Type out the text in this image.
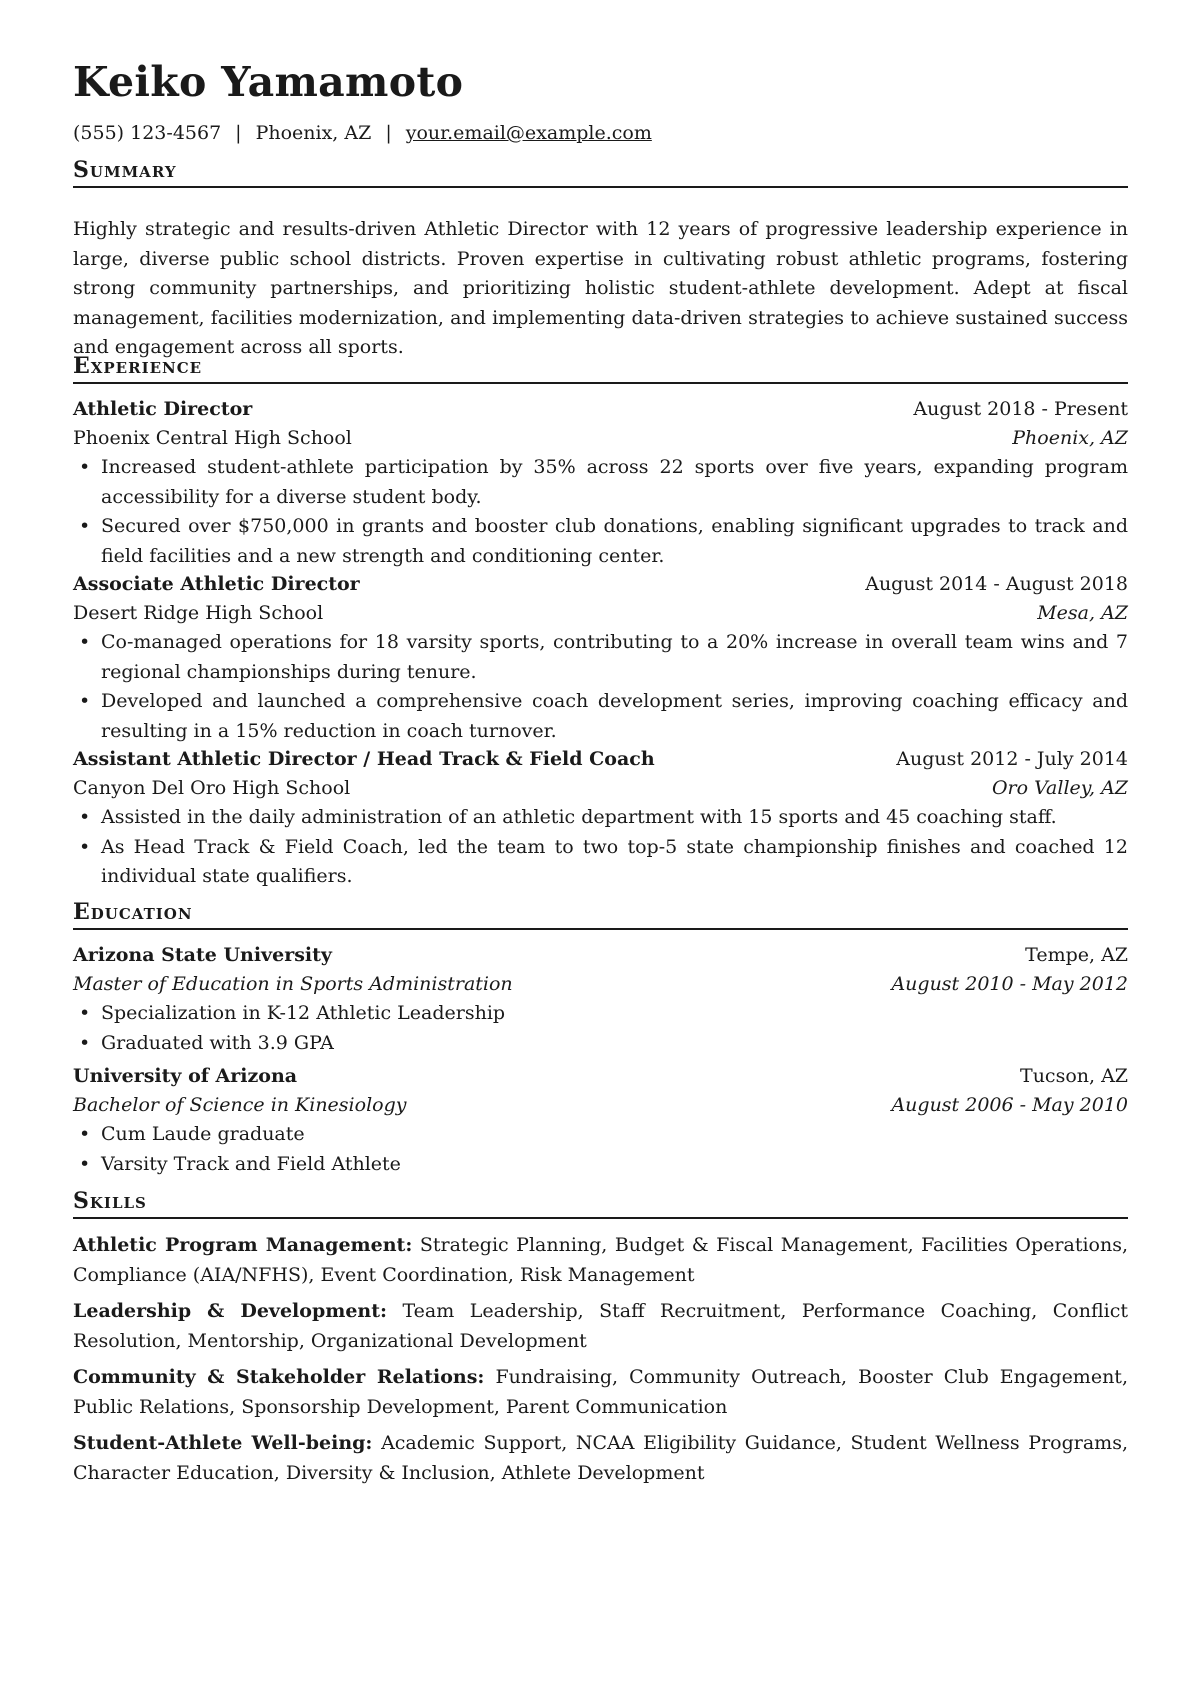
Keiko Yamamoto
(555) 123-4567 | Phoenix, AZ | your.email@example.com
Summary
Highly strategic and results-driven Athletic Director with 12 years of progressive leadership experience in large, diverse public school districts. Proven expertise in cultivating robust athletic programs, fostering strong community partnerships, and prioritizing holistic student-athlete development. Adept at fiscal management, facilities modernization, and implementing data-driven strategies to achieve sustained success and engagement across all sports.
Experience
Athletic Director	August 2018 - Present
Phoenix Central High School	Phoenix, AZ
• Increased student-athlete participation by 35% across 22 sports over five years, expanding program accessibility for a diverse student body.
• Secured over $750,000 in grants and booster club donations, enabling significant upgrades to track and field facilities and a new strength and conditioning center.
Associate Athletic Director	August 2014 - August 2018
Desert Ridge High School	Mesa, AZ
• Co-managed operations for 18 varsity sports, contributing to a 20% increase in overall team wins and 7 regional championships during tenure.
• Developed and launched a comprehensive coach development series, improving coaching efficacy and resulting in a 15% reduction in coach turnover.
Assistant Athletic Director / Head Track & Field Coach	August 2012 - July 2014
Canyon Del Oro High School	Oro Valley, AZ
• Assisted in the daily administration of an athletic department with 15 sports and 45 coaching staff.
• As Head Track & Field Coach, led the team to two top-5 state championship finishes and coached 12 individual state qualifiers.
Education
Arizona State University	Tempe, AZ
Master of Education in Sports Administration	August 2010 - May 2012
• Specialization in K-12 Athletic Leadership
• Graduated with 3.9 GPA
University of Arizona	Tucson, AZ
Bachelor of Science in Kinesiology	August 2006 - May 2010
• Cum Laude graduate
• Varsity Track and Field Athlete
Skills
Athletic Program Management: Strategic Planning, Budget & Fiscal Management, Facilities Operations, Compliance (AIA/NFHS), Event Coordination, Risk Management
Leadership & Development: Team Leadership, Staff Recruitment, Performance Coaching, Conflict Resolution, Mentorship, Organizational Development
Community & Stakeholder Relations: Fundraising, Community Outreach, Booster Club Engagement, Public Relations, Sponsorship Development, Parent Communication
Student-Athlete Well-being: Academic Support, NCAA Eligibility Guidance, Student Wellness Programs, Character Education, Diversity & Inclusion, Athlete Development
